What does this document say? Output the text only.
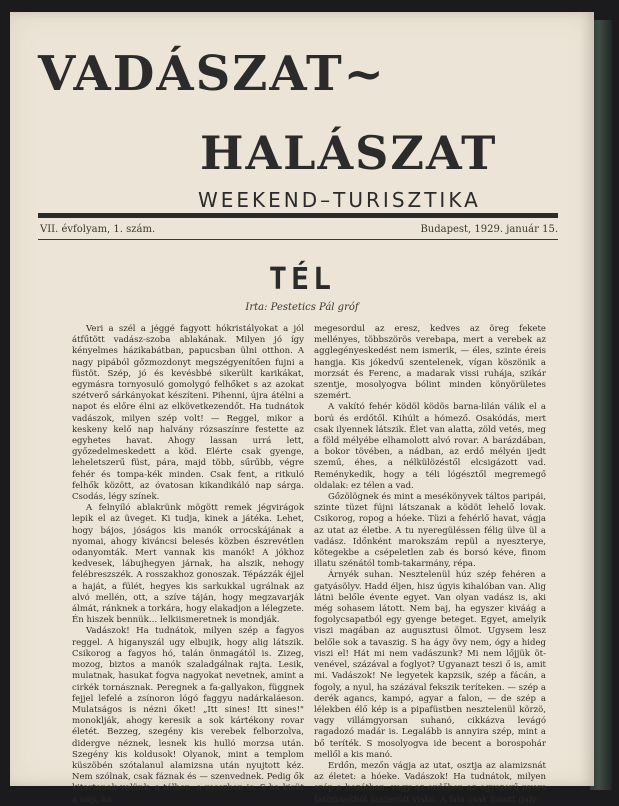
VADÁSZAT~
HALÁSZAT
WEEKEND–TURISZTIKA
VII. évfolyam, 1. szám.	Budapest, 1929. január 15.
TÉL
Irta: Pestetics Pál gróf

Veri a szél a jéggé fagyott hókristályokat a jól átfűtött vadász-szoba ablakának. Milyen jó így kényelmes házikabátban, papucsban ülni otthon. A nagy pipából gőzmozdonyt megszégyenítően fujni a füstöt. Szép, jó és kevésbbé sikerült karikákat, egymásra tornyosuló gomolygó felhőket s az azokat szétverő sárkányokat készíteni. Pihenni, újra átélni a napot és előre élni az elkövetkezendőt. Ha tudnátok vadászok, milyen szép volt! — Reggel, mikor a keskeny kelő nap halvány rózsaszínre festette az egyhetes havat. Ahogy lassan urrá lett, győzedelmeskedett a köd. Elérte csak gyenge, leheletszerű füst, pára, majd több, sűrűbb, végre fehér és tompa-kék minden. Csak fent, a ritkuló felhők között, az óvatosan kikandikáló nap sárga. Csodás, légy színek.

A felnyíló ablakrünk mögött remek jégvirágok lepik el az üveget. Ki tudja, kinek a játéka. Lehet, hogy bájos, jóságos kis manók orrocskájának a nyomai, ahogy kiváncsi belesés közben észrevétlen odanyomták. Mert vannak kis manók! A jókhoz kedvesek, lábujhegyen járnak, ha alszik, nehogy felébreszszék. A rosszakhoz gonoszak. Tépázzák éjjel a haját, a fülét, hegyes kis sarkukkal ugrálnak az alvó mellén, ott, a szíve táján, hogy megzavarják álmát, ránknek a torkára, hogy elakadjon a lélegzete. Én hiszek bennük… lelkiismeretnek is mondják.

Vadászok! Ha tudnátok, milyen szép a fagyos reggel. A higanyszál ugy elbujik, hogy alig látszik. Csikorog a fagyos hó, talán önmagától is. Zizeg, mozog, biztos a manók szaladgálnak rajta. Lesik, mulatnak, hasukat fogva nagyokat nevetnek, amint a cirkék tornásznak. Peregnek a fa-gallyakon, függnek fejjel lefelé a zsínoron lógó faggyu nadárkaláeson. Mulatságos is nézni őket! „Itt sines! Itt sines!" monoklják, ahogy keresik a sok kártékony rovar életét. Bezzeg, szegény kis verebek felborzolva, didergve néznek, lesnek kis hulló morzsa után. Szegény kis koldusok! Olyanok, mint a templom küszöbén szótalanul alamizsna után nyujtott kéz. Nem szólnak, csak fáznak és — szenvednek. Pedig ők kitartanak velünk, a télben, a rosszban is. S ha kisüt a nap, ha

megesordul az eresz, kedves az öreg fekete mellényes, többszörös verebapa, mert a verebek az agglegényeskedést nem ismerik, — éles, szinte éreis hangja. Kis jókedvű szentelenek, vígan köszönik a morzsát és Ferenc, a madarak vissi ruhája, szikár szentje, mosolyogva bólint minden könyörületes szemért.

A vakító fehér ködöl ködös barna-lilán válik el a ború és erdőtől. Kihúlt a hómező. Osakódás, mert csak ilyennek látszik. Élet van alatta, zöld vetés, meg a föld mélyébe elhamolott alvó rovar. A barázdában, a bokor tövében, a nádban, az erdő mélyén ijedt szemű, éhes, a nélkülözéstől elcsigázott vad. Reménykedik, hogy a téli lógésztől megremegő oldalak: ez télen a vad.

Gőzölögnek és mint a mesékönyvek táltos paripái, szinte tüzet fújni látszanak a ködöt lehelő lovak. Csikorog, ropog a hóeke. Tüzi a fehérlő havat, vágja az utat az életbe. A tu nyeregüléssen félig ülve ül a vadász. Időnként marokszám repül a nyeszterye, kötegekbe a csépeletlen zab és borsó kéve, finom illatu szénától tomb-takarmány, répa.

Árnyék suhan. Nesztelenül húz szép fehéren a gatyásölyv. Hadd éljen, hisz úgyis kihalóban van. Alig látni belőle évente egyet. Van olyan vadász is, aki még sohasem látott. Nem baj, ha egyszer kiváág a fogolycsapatból egy gyenge beteget. Egyet, amelyik viszi magában az augusztusi ölmot. Ugysem lesz belőle sok a tavaszig. S ha ágy övy nem, ógy a hideg viszi el! Hát mi nem vadászunk? Mi nem lőjjük öt-venével, százával a foglyot? Ugyanazt teszi ő is, amit mi. Vadászok! Ne legyetek kapzsik, szép a fácán, a fogoly, a nyul, ha százával fekszik teríteken. — szép a derék agancs, kampó, agyar a falon, — de szép a lélekben élő kép is a pipafüstben nesztelenül körzö, vagy villámgyorsan suhanó, cikkázva levágó ragadozó madár is. Legalább is annyira szép, mint a bő teríték. S mosolyogva ide becent a borospohár mellől a kis manó.

Erdőn, mezőn vágja az utat, osztja az alamizsnát az életet: a hóeke. Vadászok! Ha tudnátok, milyen szép a bozótban, vagy az erdőben az egyszerű nyers fatörzsekből összerótt viskó. A fala csak fonott galy-
